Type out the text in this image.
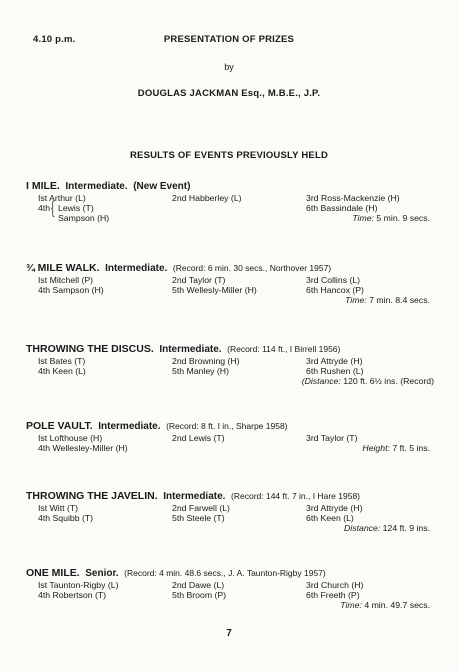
4.10 p.m.	PRESENTATION OF PRIZES
by
DOUGLAS JACKMAN Esq., M.B.E., J.P.
RESULTS OF EVENTS PREVIOUSLY HELD
I MILE. Intermediate. (New Event)
Ist Arthur (L)	2nd Habberley (L)	3rd Ross-Mackenzie (H)
4th { Lewis (T)	6th Bassindale (H)
Sampson (H)	Time: 5 min. 9 secs.
¾ MILE WALK. Intermediate. (Record: 6 min. 30 secs., Northover 1957)
Ist Mitchell (P)	2nd Taylor (T)	3rd Collins (L)
4th Sampson (H)	5th Wellesly-Miller (H)	6th Hancox (P)
Time: 7 min. 8.4 secs.
THROWING THE DISCUS. Intermediate. (Record: 114 ft., I Birrell 1956)
Ist Bates (T)	2nd Browning (H)	3rd Attryde (H)
4th Keen (L)	5th Manley (H)	6th Rushen (L)
(Distance: 120 ft. 6½ ins. (Record)
POLE VAULT. Intermediate. (Record: 8 ft. I in., Sharpe 1958)
Ist Lofthouse (H)	2nd Lewis (T)	3rd Taylor (T)
4th Wellesley-Miller (H)	Height: 7 ft. 5 ins.
THROWING THE JAVELIN. Intermediate. (Record: 144 ft. 7 in., I Hare 1958)
Ist Witt (T)	2nd Farwell (L)	3rd Attryde (H)
4th Squibb (T)	5th Steele (T)	6th Keen (L)
Distance: 124 ft. 9 ins.
ONE MILE. Senior. (Record: 4 min. 48.6 secs., J. A. Taunton-Rigby 1957)
Ist Taunton-Rigby (L)	2nd Dawe (L)	3rd Church (H)
4th Robertson (T)	5th Broom (P)	6th Freeth (P)
Time: 4 min. 49.7 secs.
7
